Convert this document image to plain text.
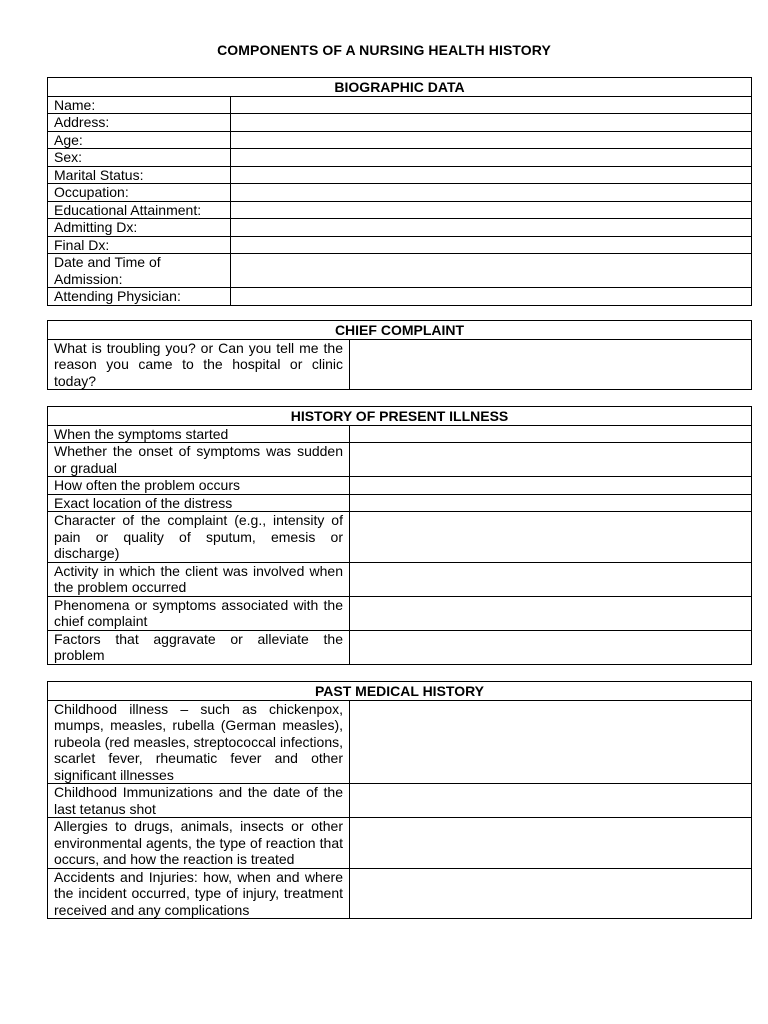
COMPONENTS OF A NURSING HEALTH HISTORY
BIOGRAPHIC DATA	
Name:	
Address:	
Age:	
Sex:	
Marital Status:	
Occupation:	
Educational Attainment:	
Admitting Dx:	
Final Dx:	
Date and Time of Admission:	
Attending Physician:	
CHIEF COMPLAINT
What is troubling you? or Can you tell me the reason you came to the hospital or clinic today?	
HISTORY OF PRESENT ILLNESS	
When the symptoms started	
Whether the onset of symptoms was sudden or gradual	
How often the problem occurs	
Exact location of the distress	
Character of the complaint (e.g., intensity of pain or quality of sputum, emesis or discharge)	
Activity in which the client was involved when the problem occurred	
Phenomena or symptoms associated with the chief complaint	
Factors that aggravate or alleviate the problem	
PAST MEDICAL HISTORY	
Childhood illness – such as chickenpox, mumps, measles, rubella (German measles), rubeola (red measles, streptococcal infections, scarlet fever, rheumatic fever and other significant illnesses	
Childhood Immunizations and the date of the last tetanus shot	
Allergies to drugs, animals, insects or other environmental agents, the type of reaction that occurs, and how the reaction is treated	
Accidents and Injuries: how, when and where the incident occurred, type of injury, treatment received and any complications	
